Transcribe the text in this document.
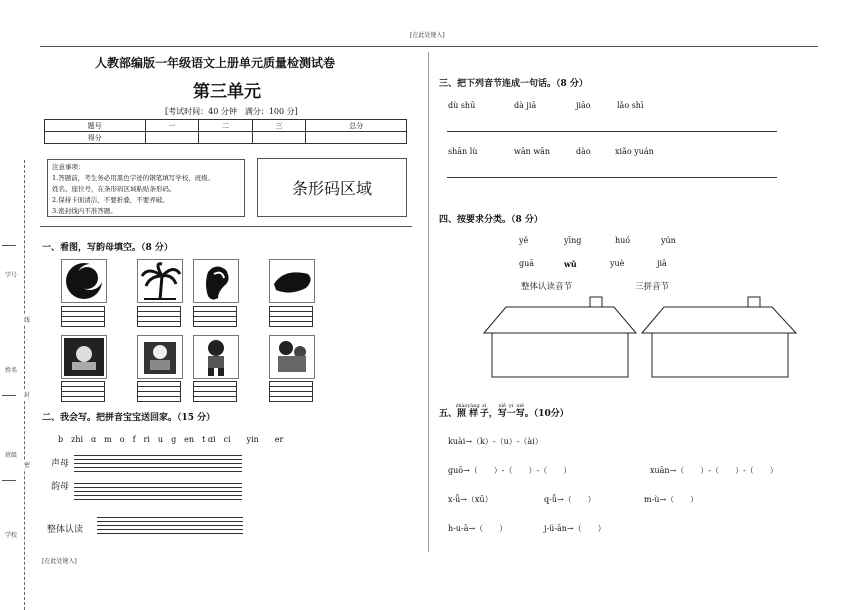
[在此处键入]
[在此处键入]
学号
线
姓名
封
班级
密
学校
人教部编版一年级语文上册单元质量检测试卷
第三单元
[考试时间：40 分钟　满分：100 分]
题号	一	二	三	总分
得分				
注意事项：
1.答题前，考生务必用黑色字迹的钢笔填写学校、班级、
姓名、座位号，在条形码区域粘贴条形码。
2.保持卡面清洁，不要折叠，不要弄破。
3.密封线内不准答题。
条形码区域
一、看图，写韵母填空。（8 分）
二、我会写。把拼音宝宝送回家。（15 分）
b　zhi　ɑ　m　o　f　ri　u　g　en　t ɑi　ci　　yin　　er
声母
韵母
整体认读
三、把下列音节连成一句话。（8 分）
dù shū	dà jiā	jiāo	lǎo shī
shān lù	wān wān	dào	xiǎo yuán
四、按要求分类。（8 分）
yě	yīng	huó	yún
guā	wǔ	yuè	jiā
整体认读音节	三拼音节
五、照zhào样yàng子zi，写xiě一yi写xiě。（10分）
kuài→（k）-（u）-（ài）
guō→（　　）-（　　）-（　　）	xuān→（　　）-（　　）-（　　）
x-ǖ→（xū）	q-ǖ→（　　）	m-ù→（　　）
h-u-ā→（　　）	j-ü-ān→（　　）
